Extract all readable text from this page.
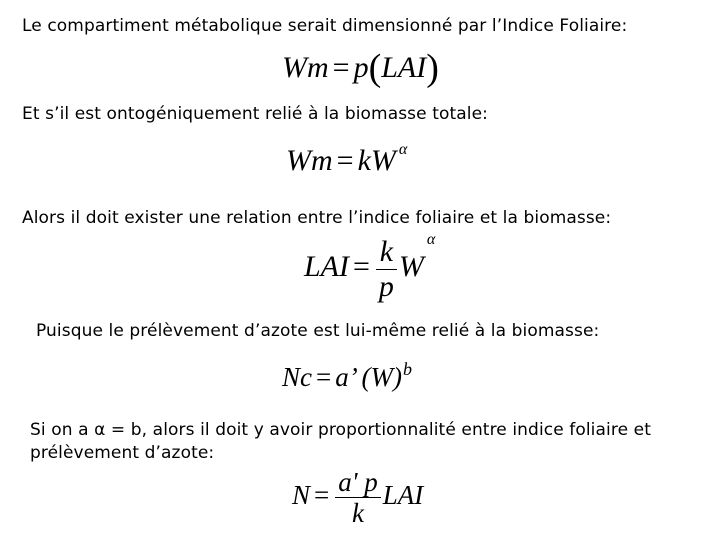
Le compartiment métabolique serait dimensionné par l’Indice Foliaire:
Wm = p(LAI)
Et s’il est ontogéniquement relié à la biomasse totale:
Wm = kW $^\alpha$
Alors il doit exister une relation entre l’indice foliaire et la biomasse:
LAI = $\frac{k}{p} W^\alpha$
Puisque le prélèvement d’azote est lui-même relié à la biomasse:
Nc = a’ $(W)^b$
Si on a α = b, alors il doit y avoir proportionnalité entre indice foliaire et
prélèvement d’azote:
$N = \frac{a' p}{k}$ LAI
